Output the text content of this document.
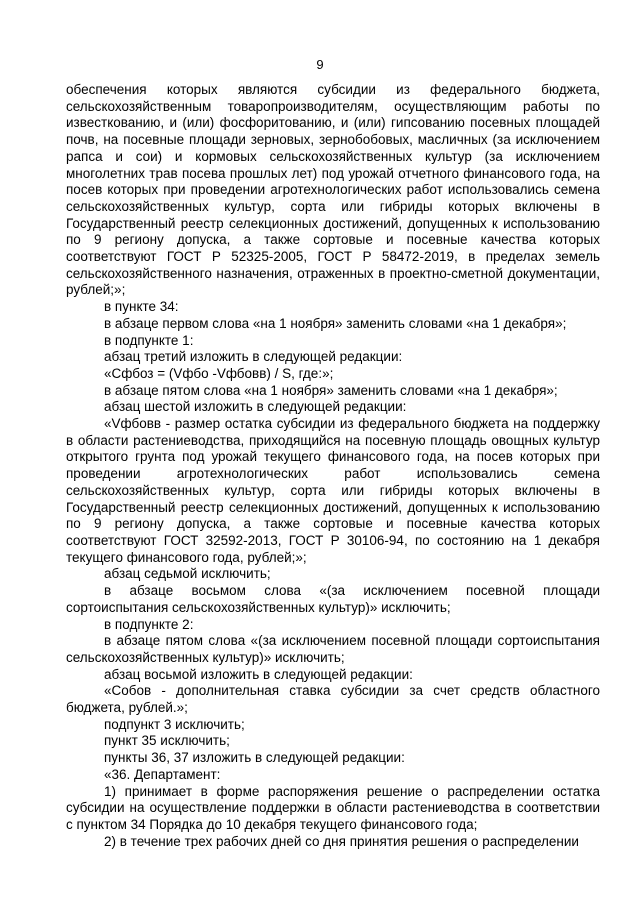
9

обеспечения которых являются субсидии из федерального бюджета, сельскохозяйственным товаропроизводителям, осуществляющим работы по известкованию, и (или) фосфоритованию, и (или) гипсованию посевных площадей почв, на посевные площади зерновых, зернобобовых, масличных (за исключением рапса и сои) и кормовых сельскохозяйственных культур (за исключением многолетних трав посева прошлых лет) под урожай отчетного финансового года, на посев которых при проведении агротехнологических работ использовались семена сельскохозяйственных культур, сорта или гибриды которых включены в Государственный реестр селекционных достижений, допущенных к использованию по 9 региону допуска, а также сортовые и посевные качества которых соответствуют ГОСТ Р 52325-2005, ГОСТ Р 58472-2019, в пределах земель сельскохозяйственного назначения, отраженных в проектно-сметной документации, рублей;»;

в пункте 34:

в абзаце первом слова «на 1 ноября» заменить словами «на 1 декабря»;

в подпункте 1:

абзац третий изложить в следующей редакции:

«Сфбоз = (Vфбо -Vфбовв) / S, где:»;

в абзаце пятом слова «на 1 ноября» заменить словами «на 1 декабря»;

абзац шестой изложить в следующей редакции:

«Vфбовв - размер остатка субсидии из федерального бюджета на поддержку в области растениеводства, приходящийся на посевную площадь овощных культур открытого грунта под урожай текущего финансового года, на посев которых при проведении агротехнологических работ использовались семена сельскохозяйственных культур, сорта или гибриды которых включены в Государственный реестр селекционных достижений, допущенных к использованию по 9 региону допуска, а также сортовые и посевные качества которых соответствуют ГОСТ 32592-2013, ГОСТ Р 30106-94, по состоянию на 1 декабря текущего финансового года, рублей;»;

абзац седьмой исключить;

в абзаце восьмом слова «(за исключением посевной площади сортоиспытания сельскохозяйственных культур)» исключить;

в подпункте 2:

в абзаце пятом слова «(за исключением посевной площади сортоиспытания сельскохозяйственных культур)» исключить;

абзац восьмой изложить в следующей редакции:

«Собов - дополнительная ставка субсидии за счет средств областного бюджета, рублей.»;

подпункт 3 исключить;

пункт 35 исключить;

пункты 36, 37 изложить в следующей редакции:

«36. Департамент:

1) принимает в форме распоряжения решение о распределении остатка субсидии на осуществление поддержки в области растениеводства в соответствии с пунктом 34 Порядка до 10 декабря текущего финансового года;

2) в течение трех рабочих дней со дня принятия решения о распределении
